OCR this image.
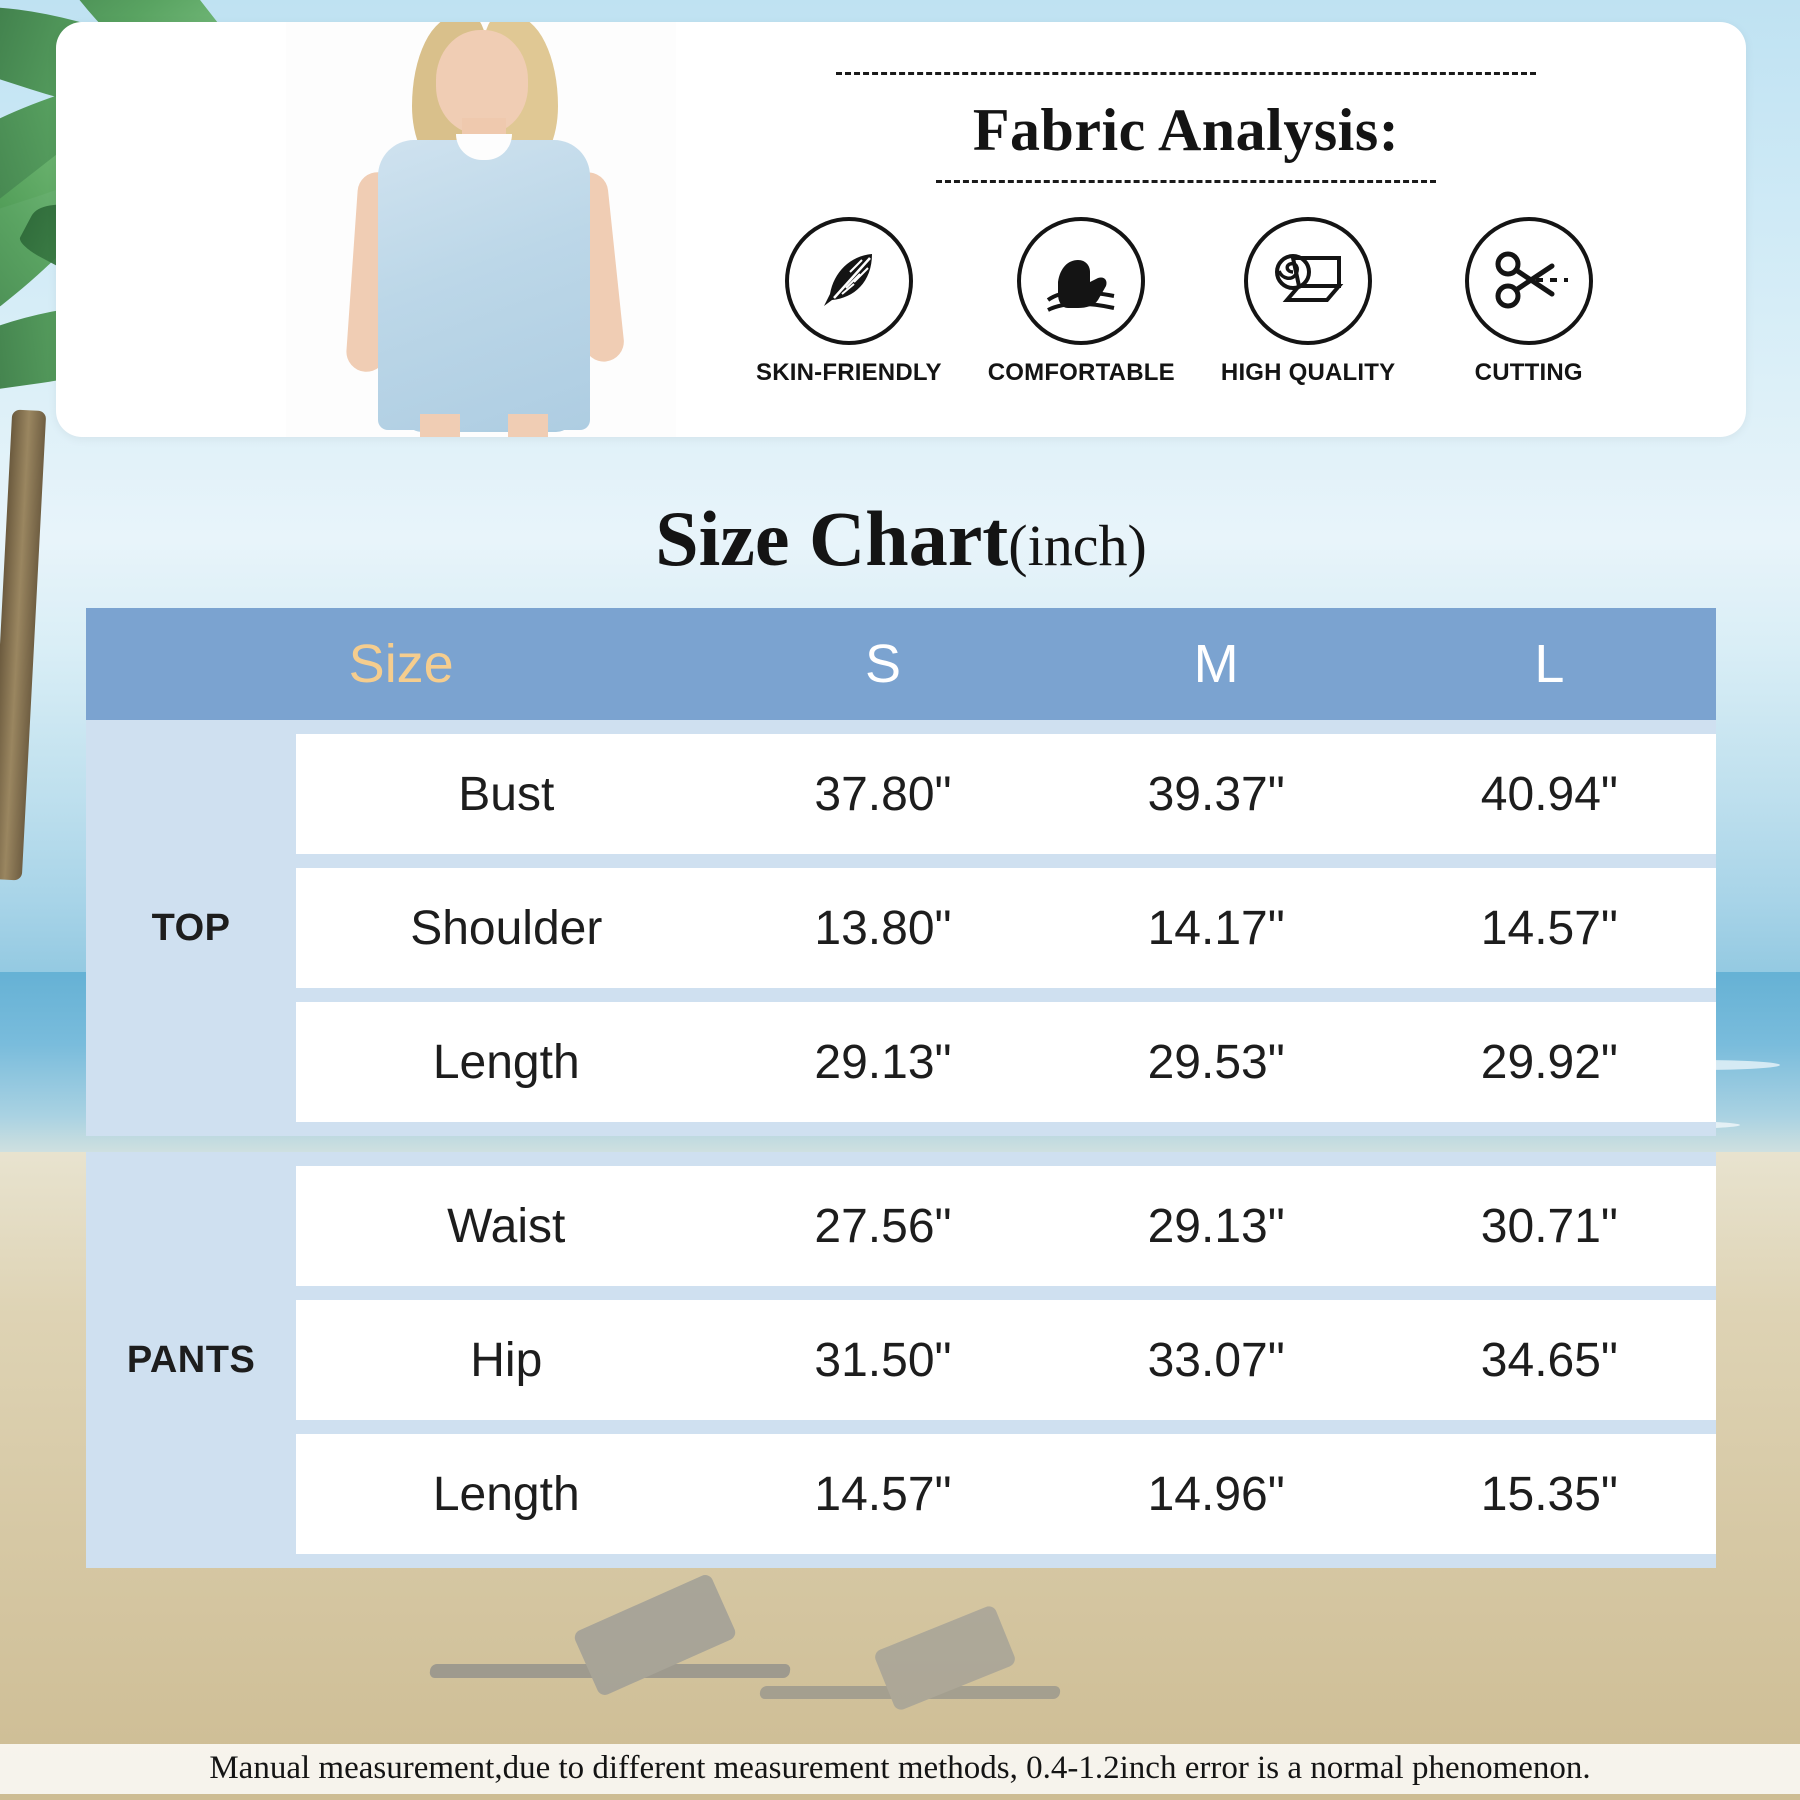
Fabric Analysis:
SKIN-FRIENDLY COMFORTABLE HIGH QUALITY	CUTTING
Size Chart(inch)
Size		S	M	L

TOP	Bust	37.80"	39.37"	40.94"

	Shoulder	13.80"	14.17"	14.57"

	Length	29.13"	29.53"	29.92"

PANTS	Waist	27.56"	29.13"	30.71"

	Hip	31.50"	33.07"	34.65"

	Length	14.57"	14.96"	15.35"

Manual measurement,due to different measurement methods, 0.4-1.2inch error is a normal phenomenon.
